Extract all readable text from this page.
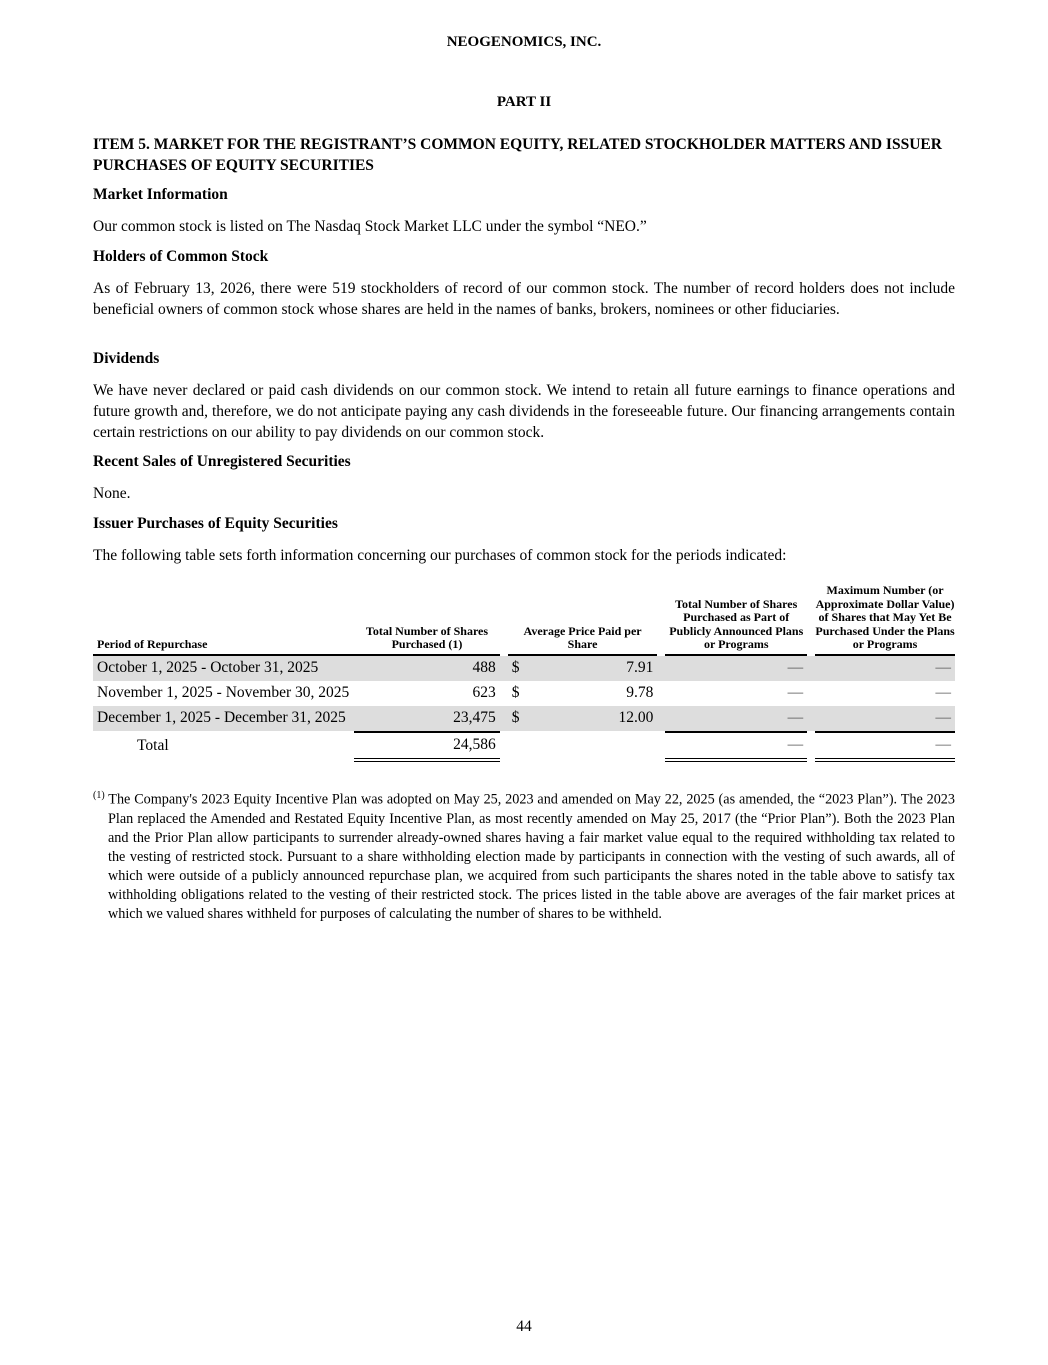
NEOGENOMICS, INC.
PART II
ITEM 5. MARKET FOR THE REGISTRANT’S COMMON EQUITY, RELATED STOCKHOLDER MATTERS AND ISSUER PURCHASES OF EQUITY SECURITIES
Market Information
Our common stock is listed on The Nasdaq Stock Market LLC under the symbol “NEO.”
Holders of Common Stock
As of February 13, 2026, there were 519 stockholders of record of our common stock. The number of record holders does not include beneficial owners of common stock whose shares are held in the names of banks, brokers, nominees or other fiduciaries.
Dividends
We have never declared or paid cash dividends on our common stock. We intend to retain all future earnings to finance operations and future growth and, therefore, we do not anticipate paying any cash dividends in the foreseeable future. Our financing arrangements contain certain restrictions on our ability to pay dividends on our common stock.
Recent Sales of Unregistered Securities
None.
Issuer Purchases of Equity Securities
The following table sets forth information concerning our purchases of common stock for the periods indicated:
Period of Repurchase	Total Number of Shares Purchased (1)		Average Price Paid per Share			Total Number of Shares Purchased as Part of Publicly Announced Plans or Programs		Maximum Number (or Approximate Dollar Value) of Shares that May Yet Be Purchased Under the Plans or Programs
October 1, 2025 - October 31, 2025	488		$	7.91		—		—
November 1, 2025 - November 30, 2025	623		$	9.78		—		—
December 1, 2025 - December 31, 2025	23,475		$	12.00		—		—
Total	24,586					—		—
$^{(1)}$ The Company's 2023 Equity Incentive Plan was adopted on May 25, 2023 and amended on May 22, 2025 (as amended, the “2023 Plan”). The 2023 Plan replaced the Amended and Restated Equity Incentive Plan, as most recently amended on May 25, 2017 (the “Prior Plan”). Both the 2023 Plan and the Prior Plan allow participants to surrender already-owned shares having a fair market value equal to the required withholding tax related to the vesting of restricted stock. Pursuant to a share withholding election made by participants in connection with the vesting of such awards, all of which were outside of a publicly announced repurchase plan, we acquired from such participants the shares noted in the table above to satisfy tax withholding obligations related to the vesting of their restricted stock. The prices listed in the table above are averages of the fair market prices at which we valued shares withheld for purposes of calculating the number of shares to be withheld.
44
